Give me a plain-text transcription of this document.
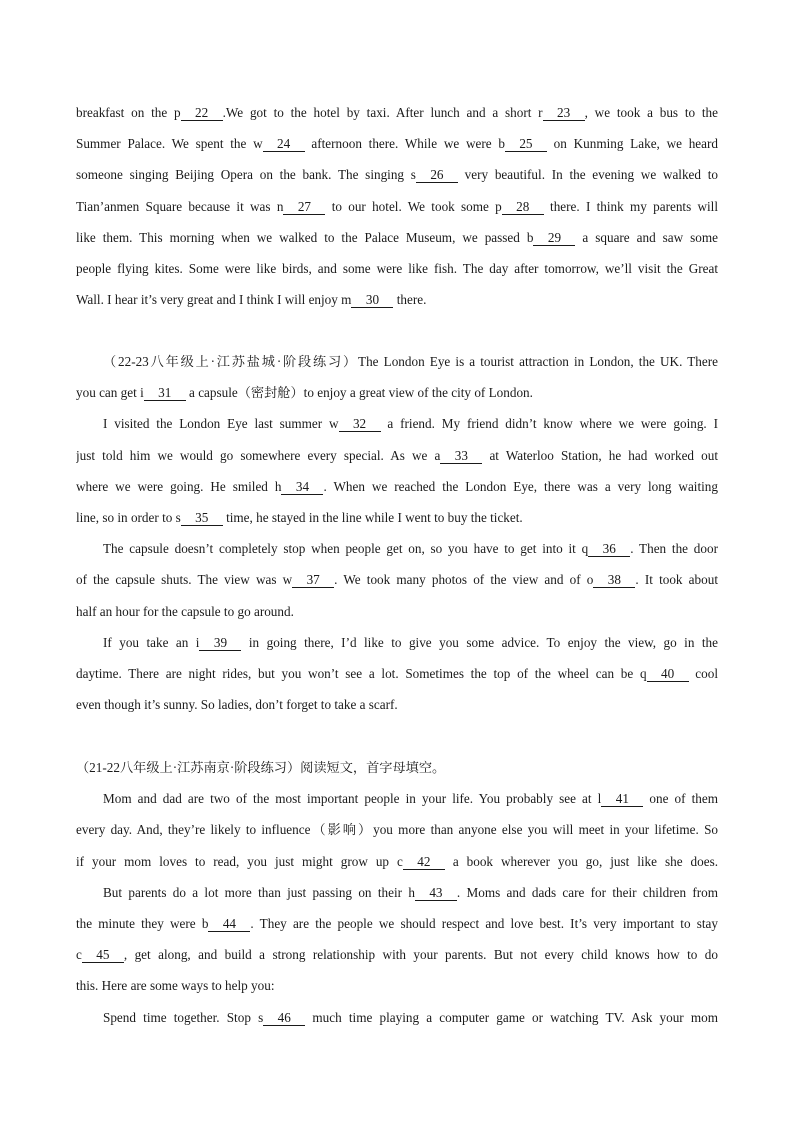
breakfast on the p 22 .We got to the hotel by taxi. After lunch and a short r 23 , we took a bus to the
Summer Palace. We spent the w 24 afternoon there. While we were b 25 on Kunming Lake, we heard
someone singing Beijing Opera on the bank. The singing s 26 very beautiful. In the evening we walked to
Tian’anmen Square because it was n 27 to our hotel. We took some p 28 there. I think my parents will
like them. This morning when we walked to the Palace Museum, we passed b 29 a square and saw some
people flying kites. Some were like birds, and some were like fish. The day after tomorrow, we’ll visit the Great
Wall. I hear it’s very great and I think I will enjoy m 30 there.
（22-23八年级上·江苏盐城·阶段练习）The London Eye is a tourist attraction in London, the UK. There
you can get i 31 a capsule（密封舱）to enjoy a great view of the city of London.
I visited the London Eye last summer w 32 a friend. My friend didn’t know where we were going. I
just told him we would go somewhere every special. As we a 33 at Waterloo Station, he had worked out
where we were going. He smiled h 34 . When we reached the London Eye, there was a very long waiting
line, so in order to s 35 time, he stayed in the line while I went to buy the ticket.
The capsule doesn’t completely stop when people get on, so you have to get into it q 36 . Then the door
of the capsule shuts. The view was w 37 . We took many photos of the view and of o 38 . It took about
half an hour for the capsule to go around.
If you take an i 39 in going there, I’d like to give you some advice. To enjoy the view, go in the
daytime. There are night rides, but you won’t see a lot. Sometimes the top of the wheel can be q 40 cool
even though it’s sunny. So ladies, don’t forget to take a scarf.
（21-22八年级上·江苏南京·阶段练习）阅读短文，首字母填空。
Mom and dad are two of the most important people in your life. You probably see at l 41 one of them
every day. And, they’re likely to influence（影响）you more than anyone else you will meet in your lifetime. So
if your mom loves to read, you just might grow up c 42 a book wherever you go, just like she does.
But parents do a lot more than just passing on their h 43 . Moms and dads care for their children from
the minute they were b 44 . They are the people we should respect and love best. It’s very important to stay
c 45 , get along, and build a strong relationship with your parents. But not every child knows how to do
this. Here are some ways to help you:
Spend time together. Stop s 46 much time playing a computer game or watching TV. Ask your mom
